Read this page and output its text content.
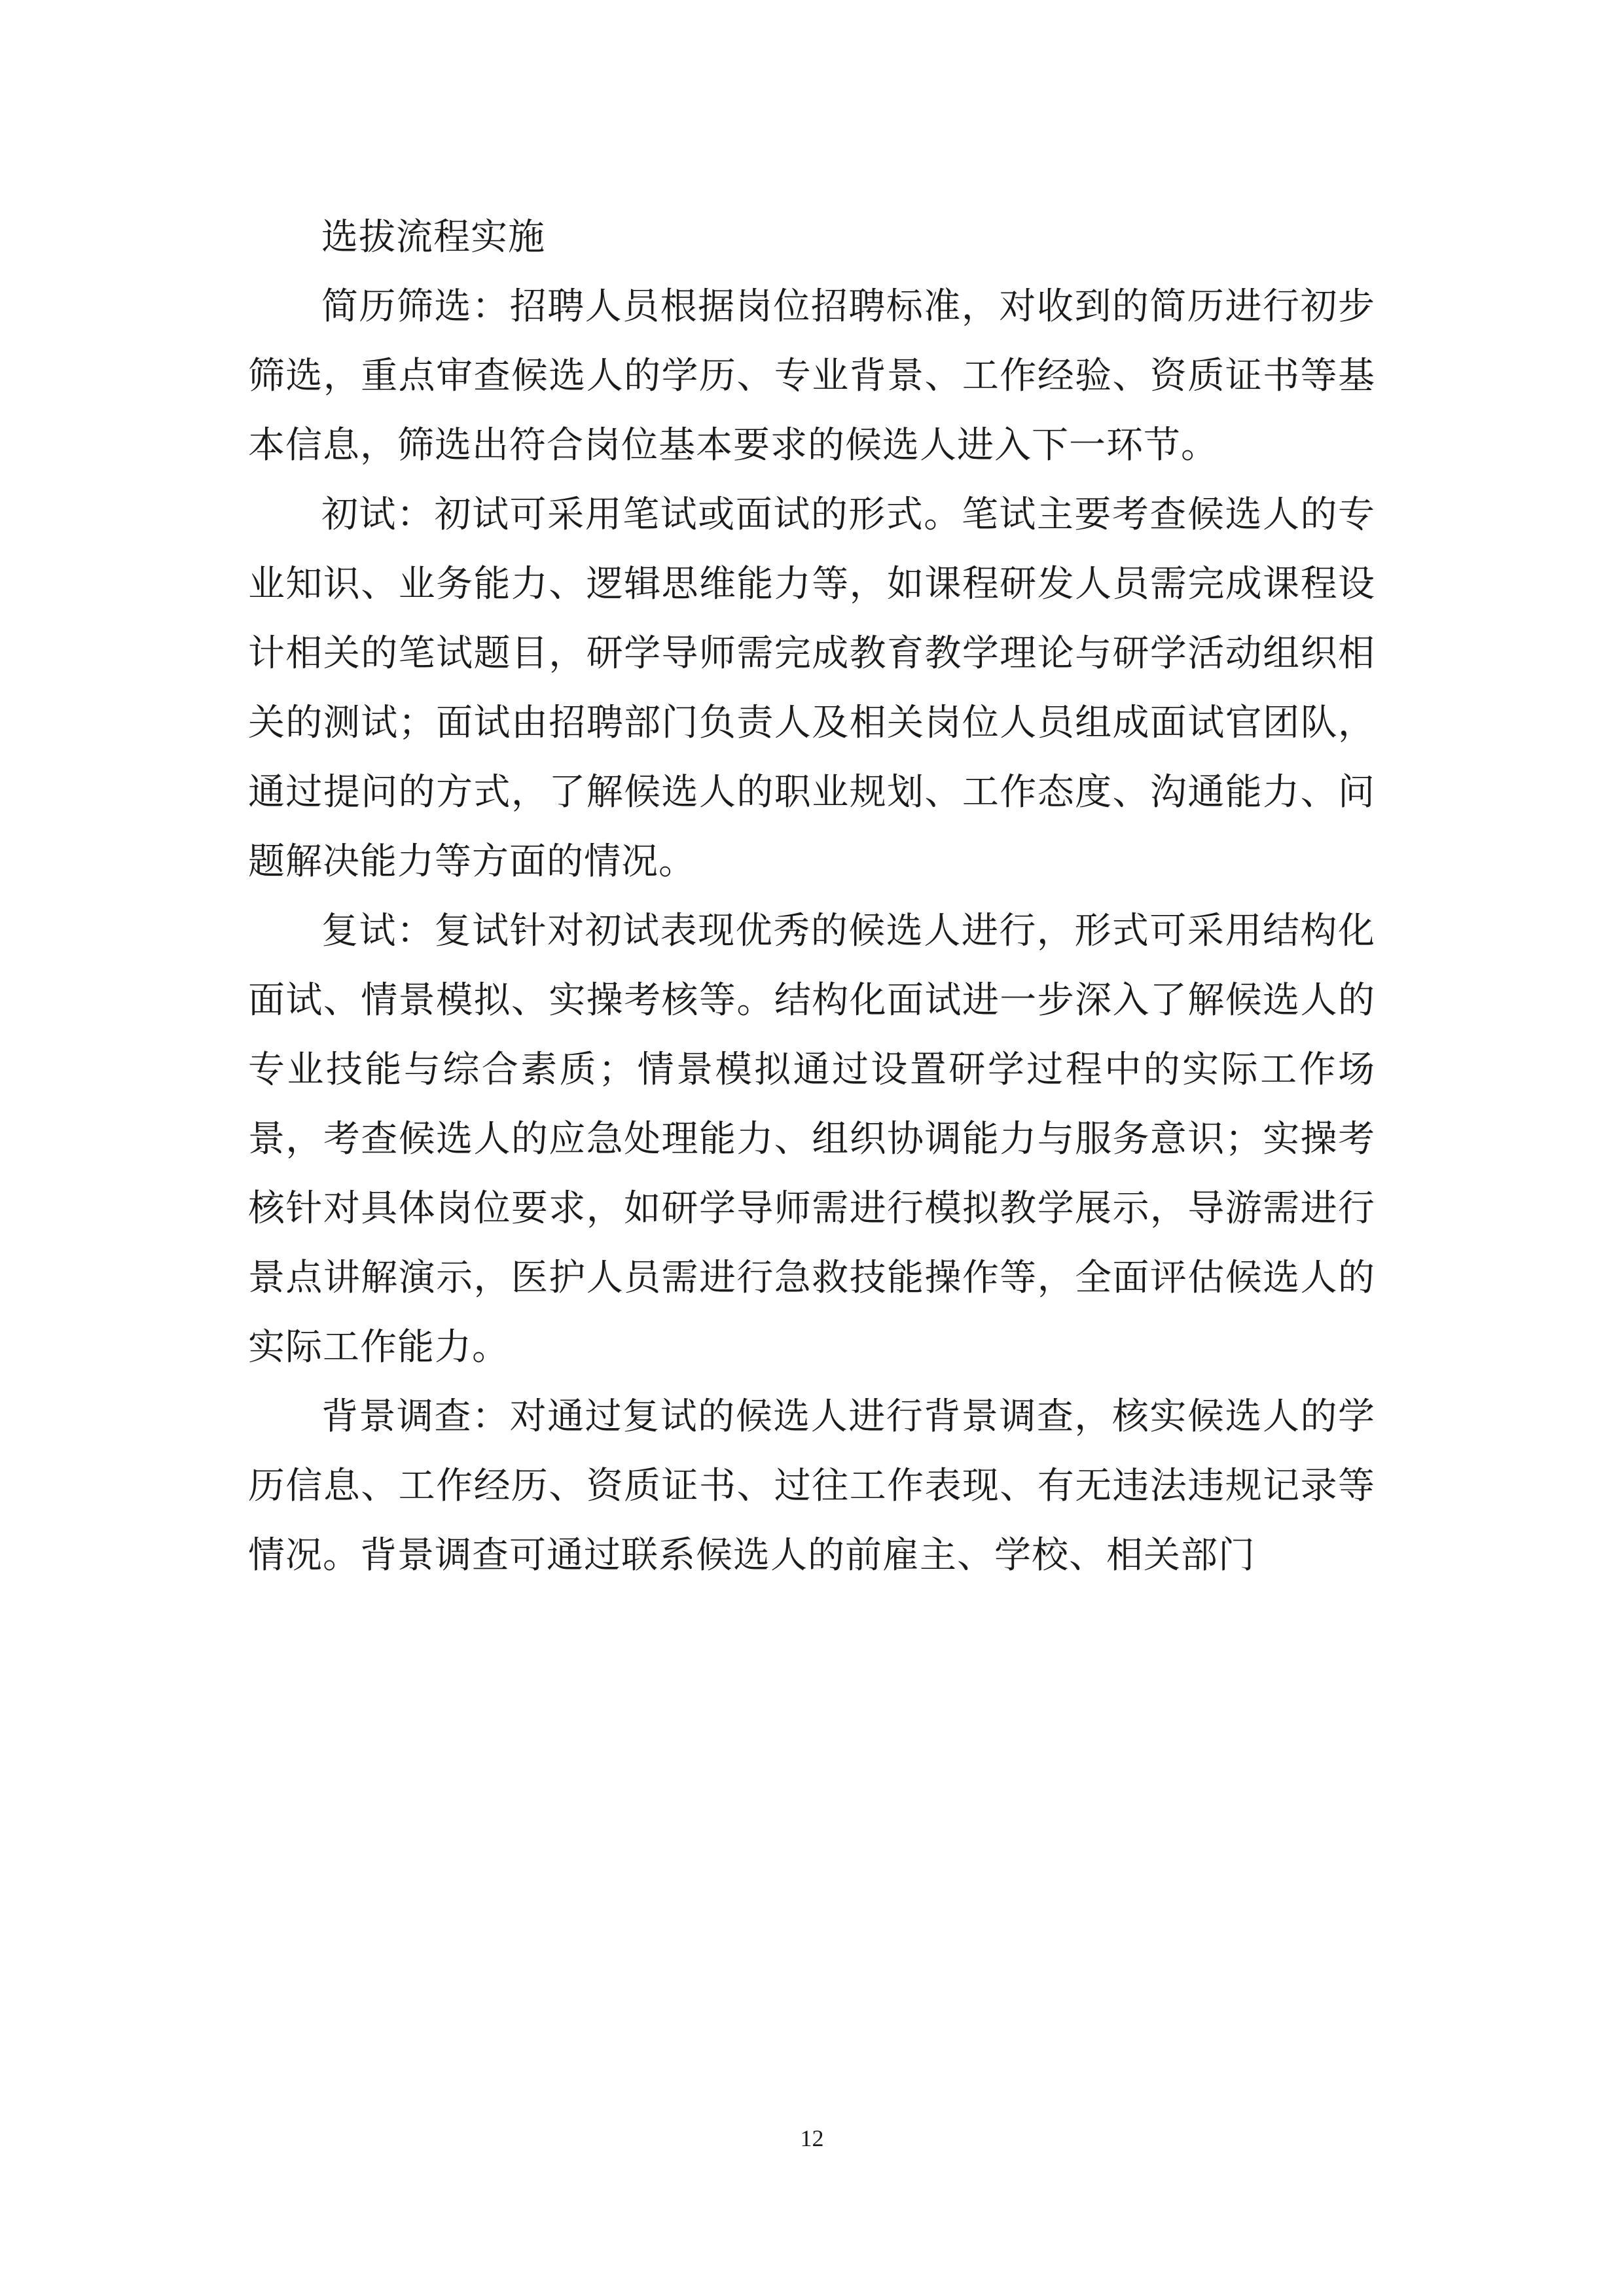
选拔流程实施

简历筛选：招聘人员根据岗位招聘标准，对收到的简历进行初步筛选，重点审查候选人的学历、专业背景、工作经验、资质证书等基本信息，筛选出符合岗位基本要求的候选人进入下一环节。

初试：初试可采用笔试或面试的形式。笔试主要考查候选人的专业知识、业务能力、逻辑思维能力等，如课程研发人员需完成课程设计相关的笔试题目，研学导师需完成教育教学理论与研学活动组织相关的测试；面试由招聘部门负责人及相关岗位人员组成面试官团队，通过提问的方式，了解候选人的职业规划、工作态度、沟通能力、问题解决能力等方面的情况。

复试：复试针对初试表现优秀的候选人进行，形式可采用结构化面试、情景模拟、实操考核等。结构化面试进一步深入了解候选人的专业技能与综合素质；情景模拟通过设置研学过程中的实际工作场景，考查候选人的应急处理能力、组织协调能力与服务意识；实操考核针对具体岗位要求，如研学导师需进行模拟教学展示，导游需进行景点讲解演示，医护人员需进行急救技能操作等，全面评估候选人的实际工作能力。

背景调查：对通过复试的候选人进行背景调查，核实候选人的学历信息、工作经历、资质证书、过往工作表现、有无违法违规记录等情况。背景调查可通过联系候选人的前雇主、学校、相关部门

12
